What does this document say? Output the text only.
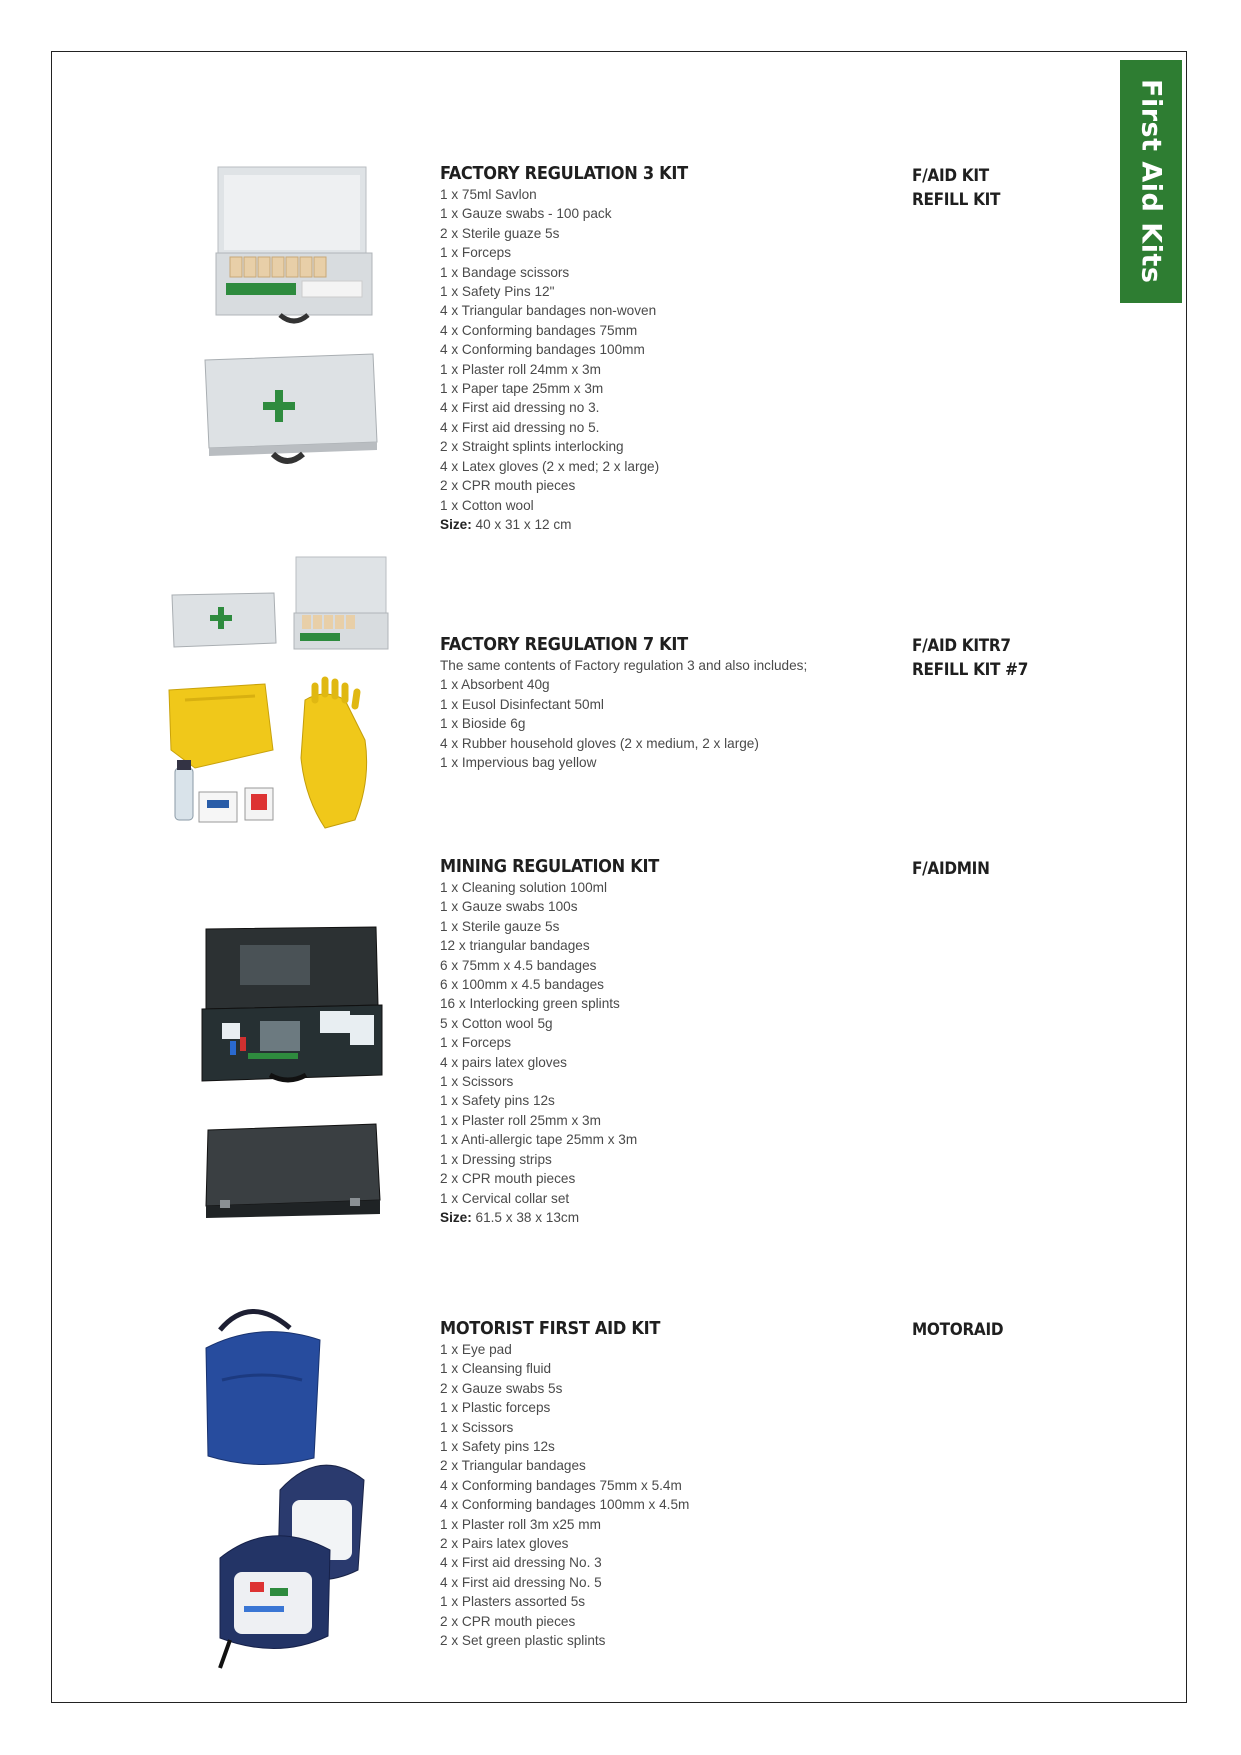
First Aid Kits
FACTORY REGULATION 3 KIT
1 x 75ml Savlon
1 x Gauze swabs - 100 pack
2 x Sterile guaze 5s
1 x Forceps
1 x Bandage scissors
1 x Safety Pins 12"
4 x Triangular bandages non-woven
4 x Conforming bandages 75mm
4 x Conforming bandages 100mm
1 x Plaster roll 24mm x 3m
1 x Paper tape 25mm x 3m
4 x First aid dressing no 3.
4 x First aid dressing no 5.
2 x Straight splints interlocking
4 x Latex gloves (2 x med; 2 x large)
2 x CPR mouth pieces
1 x Cotton wool
Size: 40 x 31 x 12 cm
F/AID KIT
REFILL KIT
FACTORY REGULATION 7 KIT
The same contents of Factory regulation 3 and also includes;
1 x Absorbent 40g
1 x Eusol Disinfectant 50ml
1 x Bioside 6g
4 x Rubber household gloves (2 x medium, 2 x large)
1 x Impervious bag yellow
F/AID KITR7
REFILL KIT #7
MINING REGULATION KIT
1 x Cleaning solution 100ml
1 x Gauze swabs 100s
1 x Sterile gauze 5s
12 x triangular bandages
6 x 75mm x 4.5 bandages
6 x 100mm x 4.5 bandages
16 x Interlocking green splints
5 x Cotton wool 5g
1 x Forceps
4 x pairs latex gloves
1 x Scissors
1 x Safety pins 12s
1 x Plaster roll 25mm x 3m
1 x Anti-allergic tape 25mm x 3m
1 x Dressing strips
2 x CPR mouth pieces
1 x Cervical collar set
Size: 61.5 x 38 x 13cm
F/AIDMIN
MOTORIST FIRST AID KIT
1 x Eye pad
1 x Cleansing fluid
2 x Gauze swabs 5s
1 x Plastic forceps
1 x Scissors
1 x Safety pins 12s
2 x Triangular bandages
4 x Conforming bandages 75mm x 5.4m
4 x Conforming bandages 100mm x 4.5m
1 x Plaster roll 3m x25 mm
2 x Pairs latex gloves
4 x First aid dressing No. 3
4 x First aid dressing No. 5
1 x Plasters assorted 5s
2 x CPR mouth pieces
2 x Set green plastic splints
MOTORAID
